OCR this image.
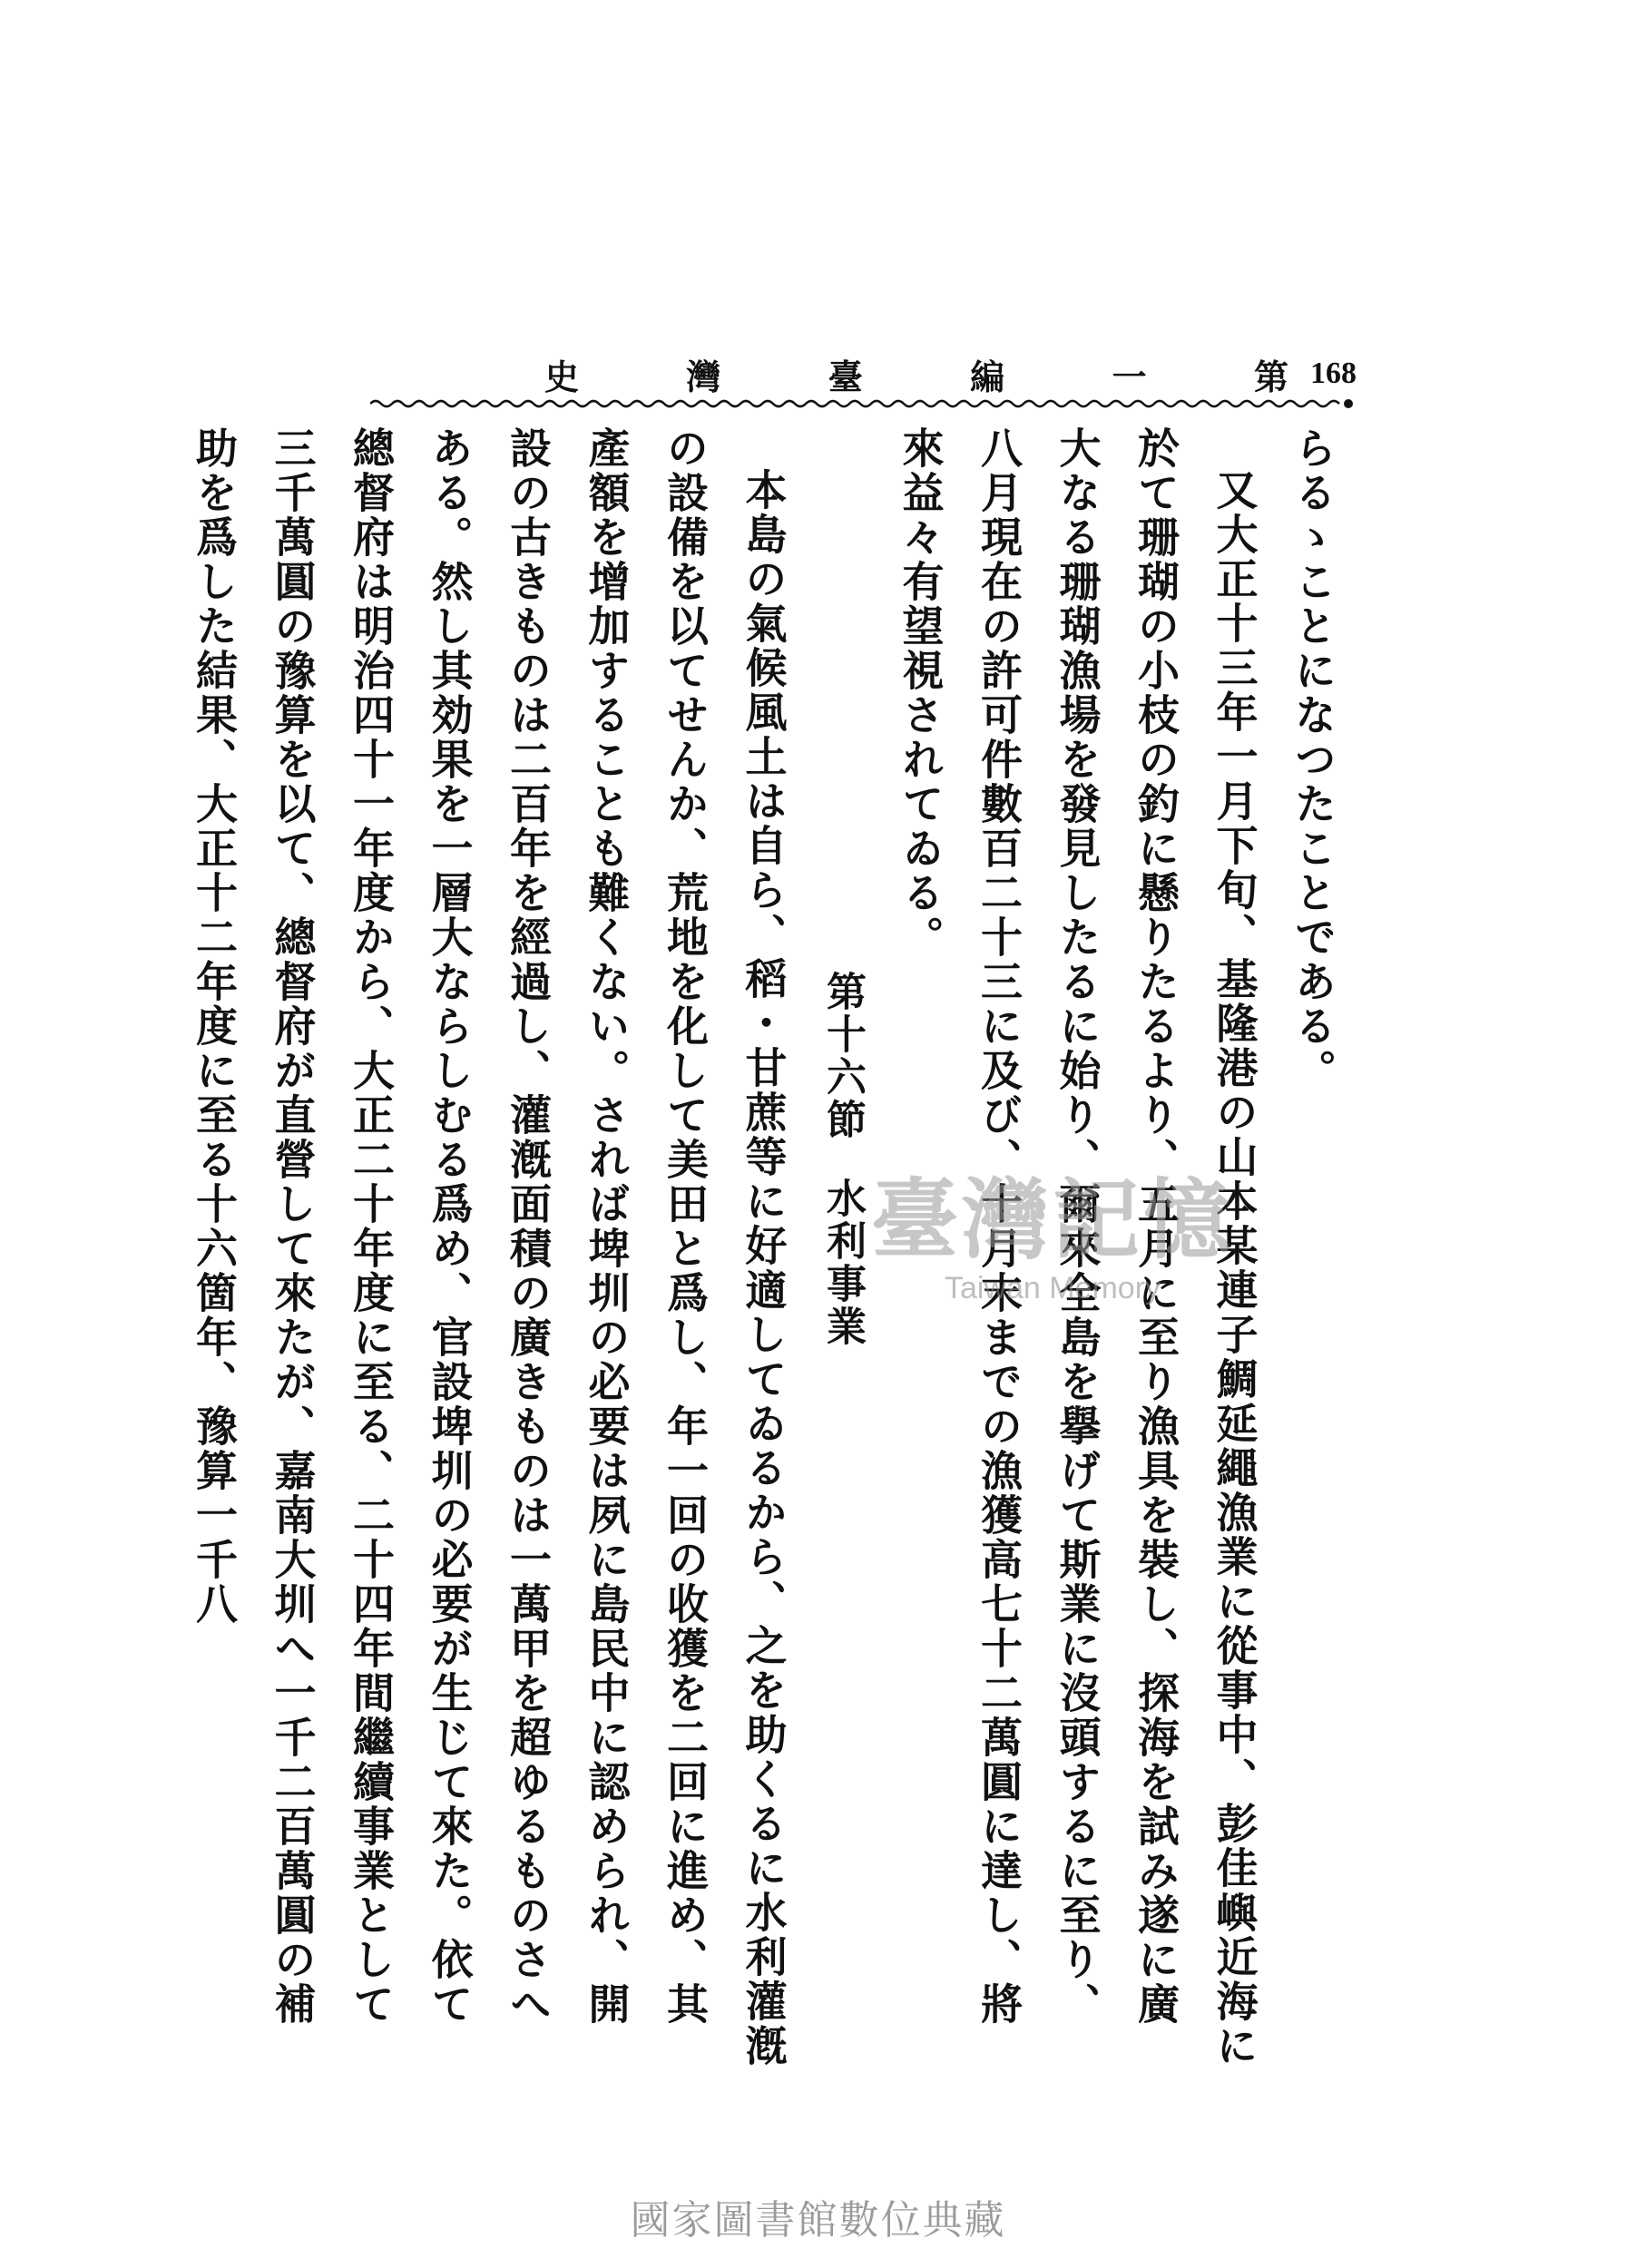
史	灣	臺	編	一	第 168

らるゝことになつたことである。

又大正十三年一月下旬、基隆港の山本某連子鯛延繩漁業に從事中、彭佳嶼近海に於て珊瑚の小枝の釣に懸りたるより、五月に至り漁具を裝し、探海を試み遂に廣大なる珊瑚漁場を發見したるに始り、爾來全島を擧げて斯業に沒頭するに至り、八月現在の許可件數百二十三に及び、十月末までの漁獲高七十二萬圓に達し、將來益々有望視されてゐる。

第十六節水利事業

本島の氣候風土は自ら、稻・甘蔗等に好適してゐるから、之を助くるに水利灌漑の設備を以てせんか、荒地を化して美田と爲し、年一回の收獲を二回に進め、其產額を增加することも難くない。されば埤圳の必要は夙に島民中に認められ、開設の古きものは二百年を經過し、灌漑面積の廣きものは一萬甲を超ゆるものさへある。然し其効果を一層大ならしむる爲め、官設埤圳の必要が生じて來た。依て總督府は明治四十一年度から、大正二十年度に至る、二十四年間繼續事業として三千萬圓の豫算を以て、總督府が直營して來たが、嘉南大圳へ一千二百萬圓の補助を爲した結果、大正十二年度に至る十六箇年、豫算一千八	臺灣記憶
Taiwan Memory
國家圖書館數位典藏
